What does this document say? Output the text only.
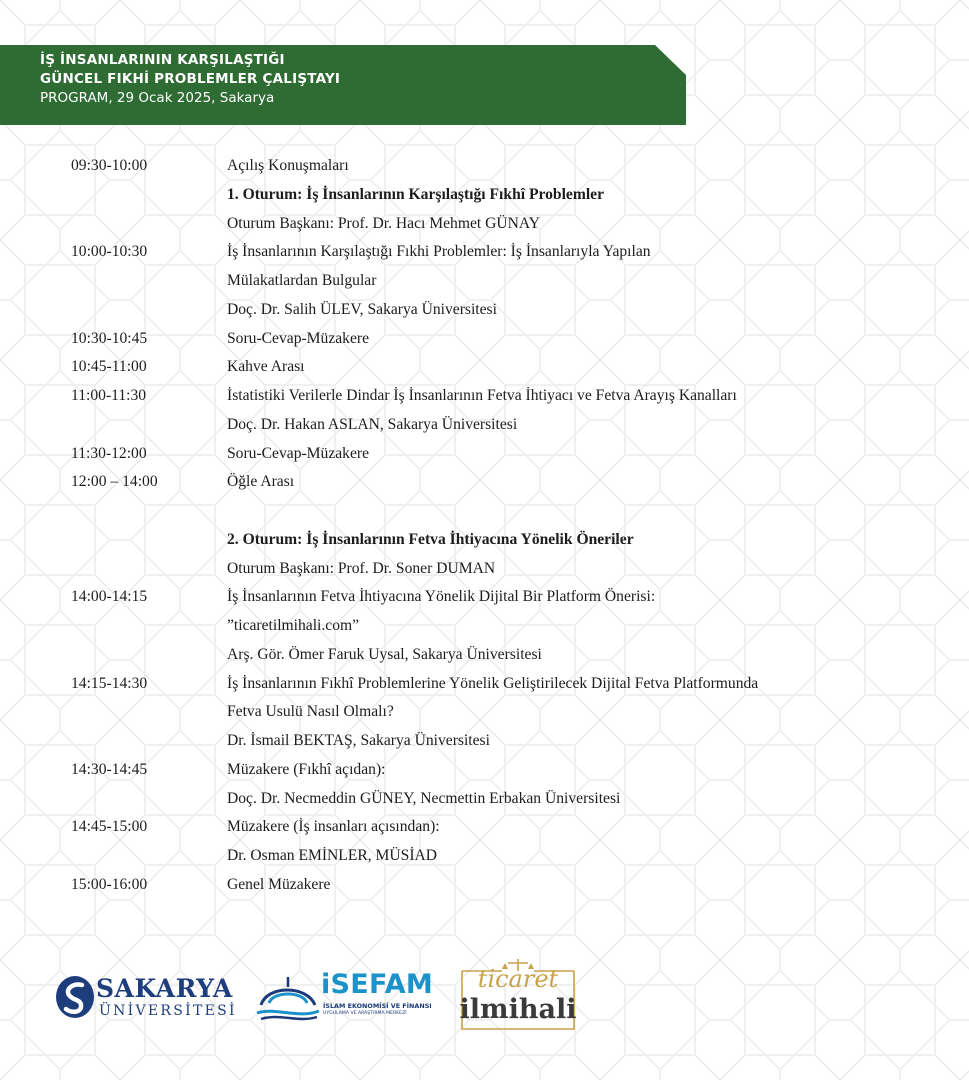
İŞ İNSANLARININ KARŞILAŞTIĞI
GÜNCEL FIKHİ PROBLEMLER ÇALIŞTAYI
PROGRAM, 29 Ocak 2025, Sakarya
09:30-10:00	Açılış Konuşmaları
1. Oturum: İş İnsanlarının Karşılaştığı Fıkhî Problemler
Oturum Başkanı: Prof. Dr. Hacı Mehmet GÜNAY
10:00-10:30	İş İnsanlarının Karşılaştığı Fıkhi Problemler: İş İnsanlarıyla Yapılan
Mülakatlardan Bulgular
Doç. Dr. Salih ÜLEV, Sakarya Üniversitesi
10:30-10:45	Soru-Cevap-Müzakere
10:45-11:00	Kahve Arası
11:00-11:30	İstatistiki Verilerle Dindar İş İnsanlarının Fetva İhtiyacı ve Fetva Arayış Kanalları
Doç. Dr. Hakan ASLAN, Sakarya Üniversitesi
11:30-12:00	Soru-Cevap-Müzakere
12:00 – 14:00	Öğle Arası
2. Oturum: İş İnsanlarının Fetva İhtiyacına Yönelik Öneriler
Oturum Başkanı: Prof. Dr. Soner DUMAN
14:00-14:15	İş İnsanlarının Fetva İhtiyacına Yönelik Dijital Bir Platform Önerisi:
”ticaretilmihali.com”
Arş. Gör. Ömer Faruk Uysal, Sakarya Üniversitesi
14:15-14:30	İş İnsanlarının Fıkhî Problemlerine Yönelik Geliştirilecek Dijital Fetva Platformunda
Fetva Usulü Nasıl Olmalı?
Dr. İsmail BEKTAŞ, Sakarya Üniversitesi
14:30-14:45	Müzakere (Fıkhî açıdan):
Doç. Dr. Necmeddin GÜNEY, Necmettin Erbakan Üniversitesi
14:45-15:00	Müzakere (İş insanları açısından):
Dr. Osman EMİNLER, MÜSİAD
15:00-16:00	Genel Müzakere
SAKARYA
ÜNİVERSİTESİ
iSEFAM
İSLAM EKONOMİSİ VE FİNANSI
UYGULAMA VE ARAŞTIRMA MERKEZİ
ticaret
ilmihali
